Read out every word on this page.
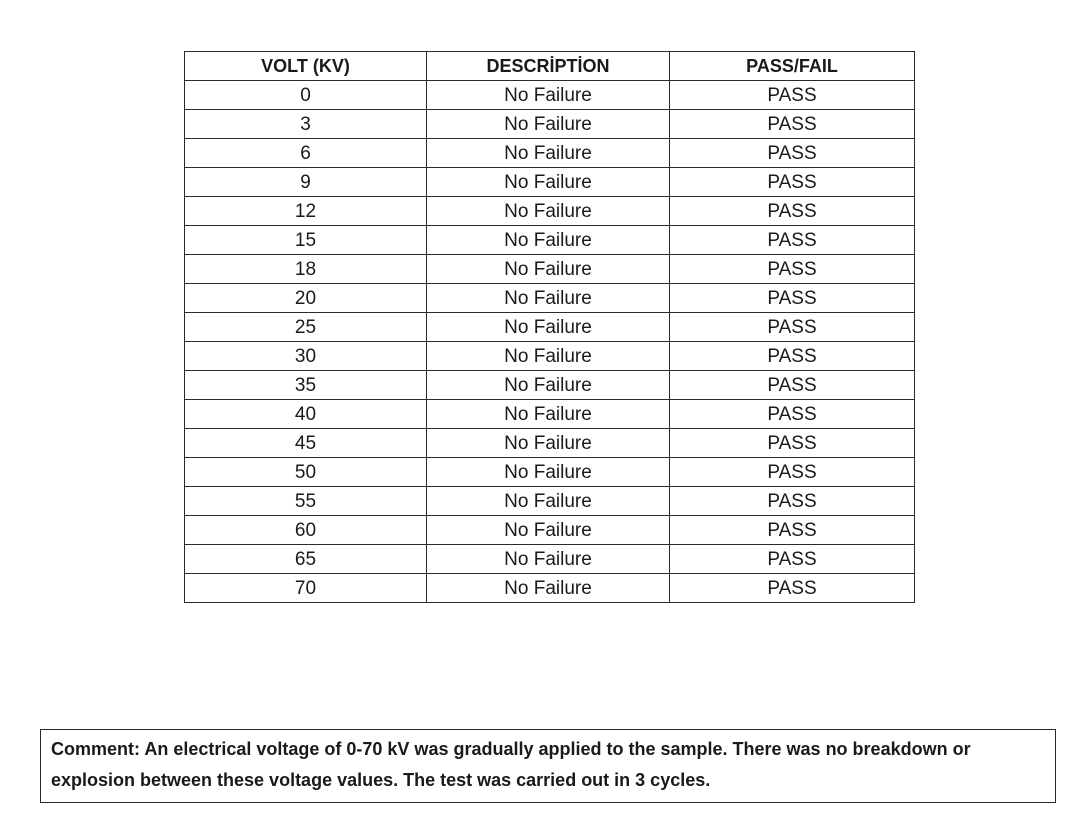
VOLT (KV)	DESCRİPTİON	PASS/FAIL
0	No Failure	PASS
3	No Failure	PASS
6	No Failure	PASS
9	No Failure	PASS
12	No Failure	PASS
15	No Failure	PASS
18	No Failure	PASS
20	No Failure	PASS
25	No Failure	PASS
30	No Failure	PASS
35	No Failure	PASS
40	No Failure	PASS
45	No Failure	PASS
50	No Failure	PASS
55	No Failure	PASS
60	No Failure	PASS
65	No Failure	PASS
70	No Failure	PASS
Comment: An electrical voltage of 0-70 kV was gradually applied to the sample. There was no breakdown or explosion between these voltage values. The test was carried out in 3 cycles.
